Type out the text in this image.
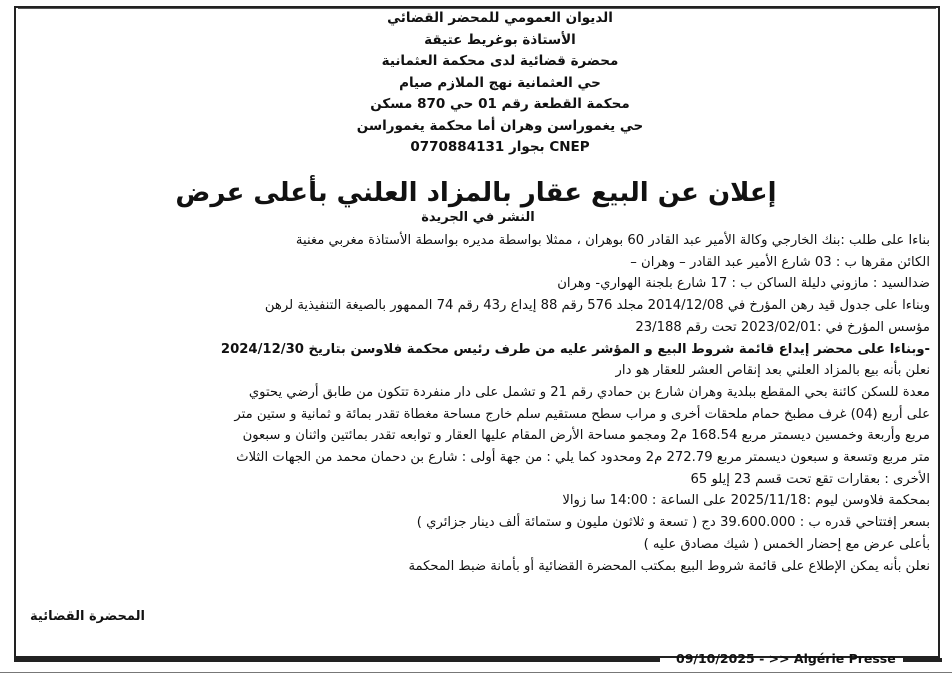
الديوان العمومي للمحضر القضائي
الأستاذة بوغريط عتيقة
محضرة قضائية لدى محكمة العثمانية
حي العثمانية نهج الملازم صيام
محكمة القطعة رقم 01 حي 870 مسكن
حي يغموراسن وهران أما محكمة يغموراسن
CNEP بجوار 0770884131
إعلان عن البيع عقار بالمزاد العلني بأعلى عرض
النشر في الجريدة
بناءا على طلب :بنك الخارجي وكالة الأمير عبد القادر 60 بوهران ، ممثلا بواسطة مديره بواسطة الأستاذة مغربي مغنية
الكائن مقرها ب : 03 شارع الأمير عبد القادر – وهران –
ضدالسيد : مازوني دليلة الساكن ب : 17 شارع بلجنة الهواري- وهران
وبناءا على جدول قيد رهن المؤرخ في 2014/12/08 مجلد 576 رقم 88 إيداع ر43 رقم 74 الممهور بالصيغة التنفيذية لرهن
مؤسس المؤرخ في :2023/02/01 تحت رقم 23/188
-وبناءا على محضر إيداع قائمة شروط البيع و المؤشر عليه من طرف رئيس محكمة فلاوسن بتاريخ 2024/12/30
نعلن بأنه بيع بالمزاد العلني بعد إنقاص العشر للعقار هو دار
معدة للسكن كائنة بحي المقطع ببلدية وهران شارع بن حمادي رقم 21 و تشمل على دار منفردة تتكون من طابق أرضي يحتوي
على أربع (04) غرف مطبخ حمام ملحقات أخرى و مراب سطح مستقيم سلم خارج مساحة مغطاة تقدر بمائة و ثمانية و ستين متر
مربع وأربعة وخمسين ديسمتر مربع 168.54 م2 ومجمو مساحة الأرض المقام عليها العقار و توابعه تقدر بمائتين واثنان و سبعون
متر مربع وتسعة و سبعون ديسمتر مربع 272.79 م2 ومحدود كما يلي : من جهة أولى : شارع بن دحمان محمد من الجهات الثلاث
الأخرى : بعقارات تقع تحت قسم 23 إيلو 65
بمحكمة فلاوسن ليوم :2025/11/18 على الساعة : 14:00 سا زوالا
بسعر إفتتاحي قدره ب : 39.600.000 دج ( تسعة و ثلاثون مليون و ستمائة ألف دينار جزائري )
بأعلى عرض مع إحضار الخمس ( شيك مصادق عليه )
نعلن بأنه يمكن الإطلاع على قائمة شروط البيع بمكتب المحضرة القضائية أو بأمانة ضبط المحكمة
المحضرة القضائية
09/10/2025 - >> Algérie Presse
